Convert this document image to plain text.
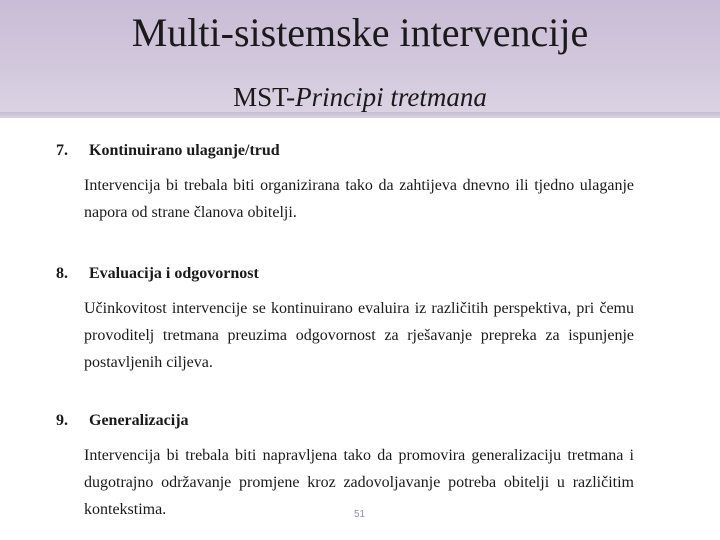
Multi-sistemske intervencije
MST-Principi tretmana
7. Kontinuirano ulaganje/trud
Intervencija bi trebala biti organizirana tako da zahtijeva dnevno ili tjedno ulaganje napora od strane članova obitelji.
8. Evaluacija i odgovornost
Učinkovitost intervencije se kontinuirano evaluira iz različitih perspektiva, pri čemu provoditelj tretmana preuzima odgovornost za rješavanje prepreka za ispunjenje postavljenih ciljeva.
9. Generalizacija
Intervencija bi trebala biti napravljena tako da promovira generalizaciju tretmana i dugotrajno održavanje promjene kroz zadovoljavanje potreba obitelji u različitim kontekstima.	51
